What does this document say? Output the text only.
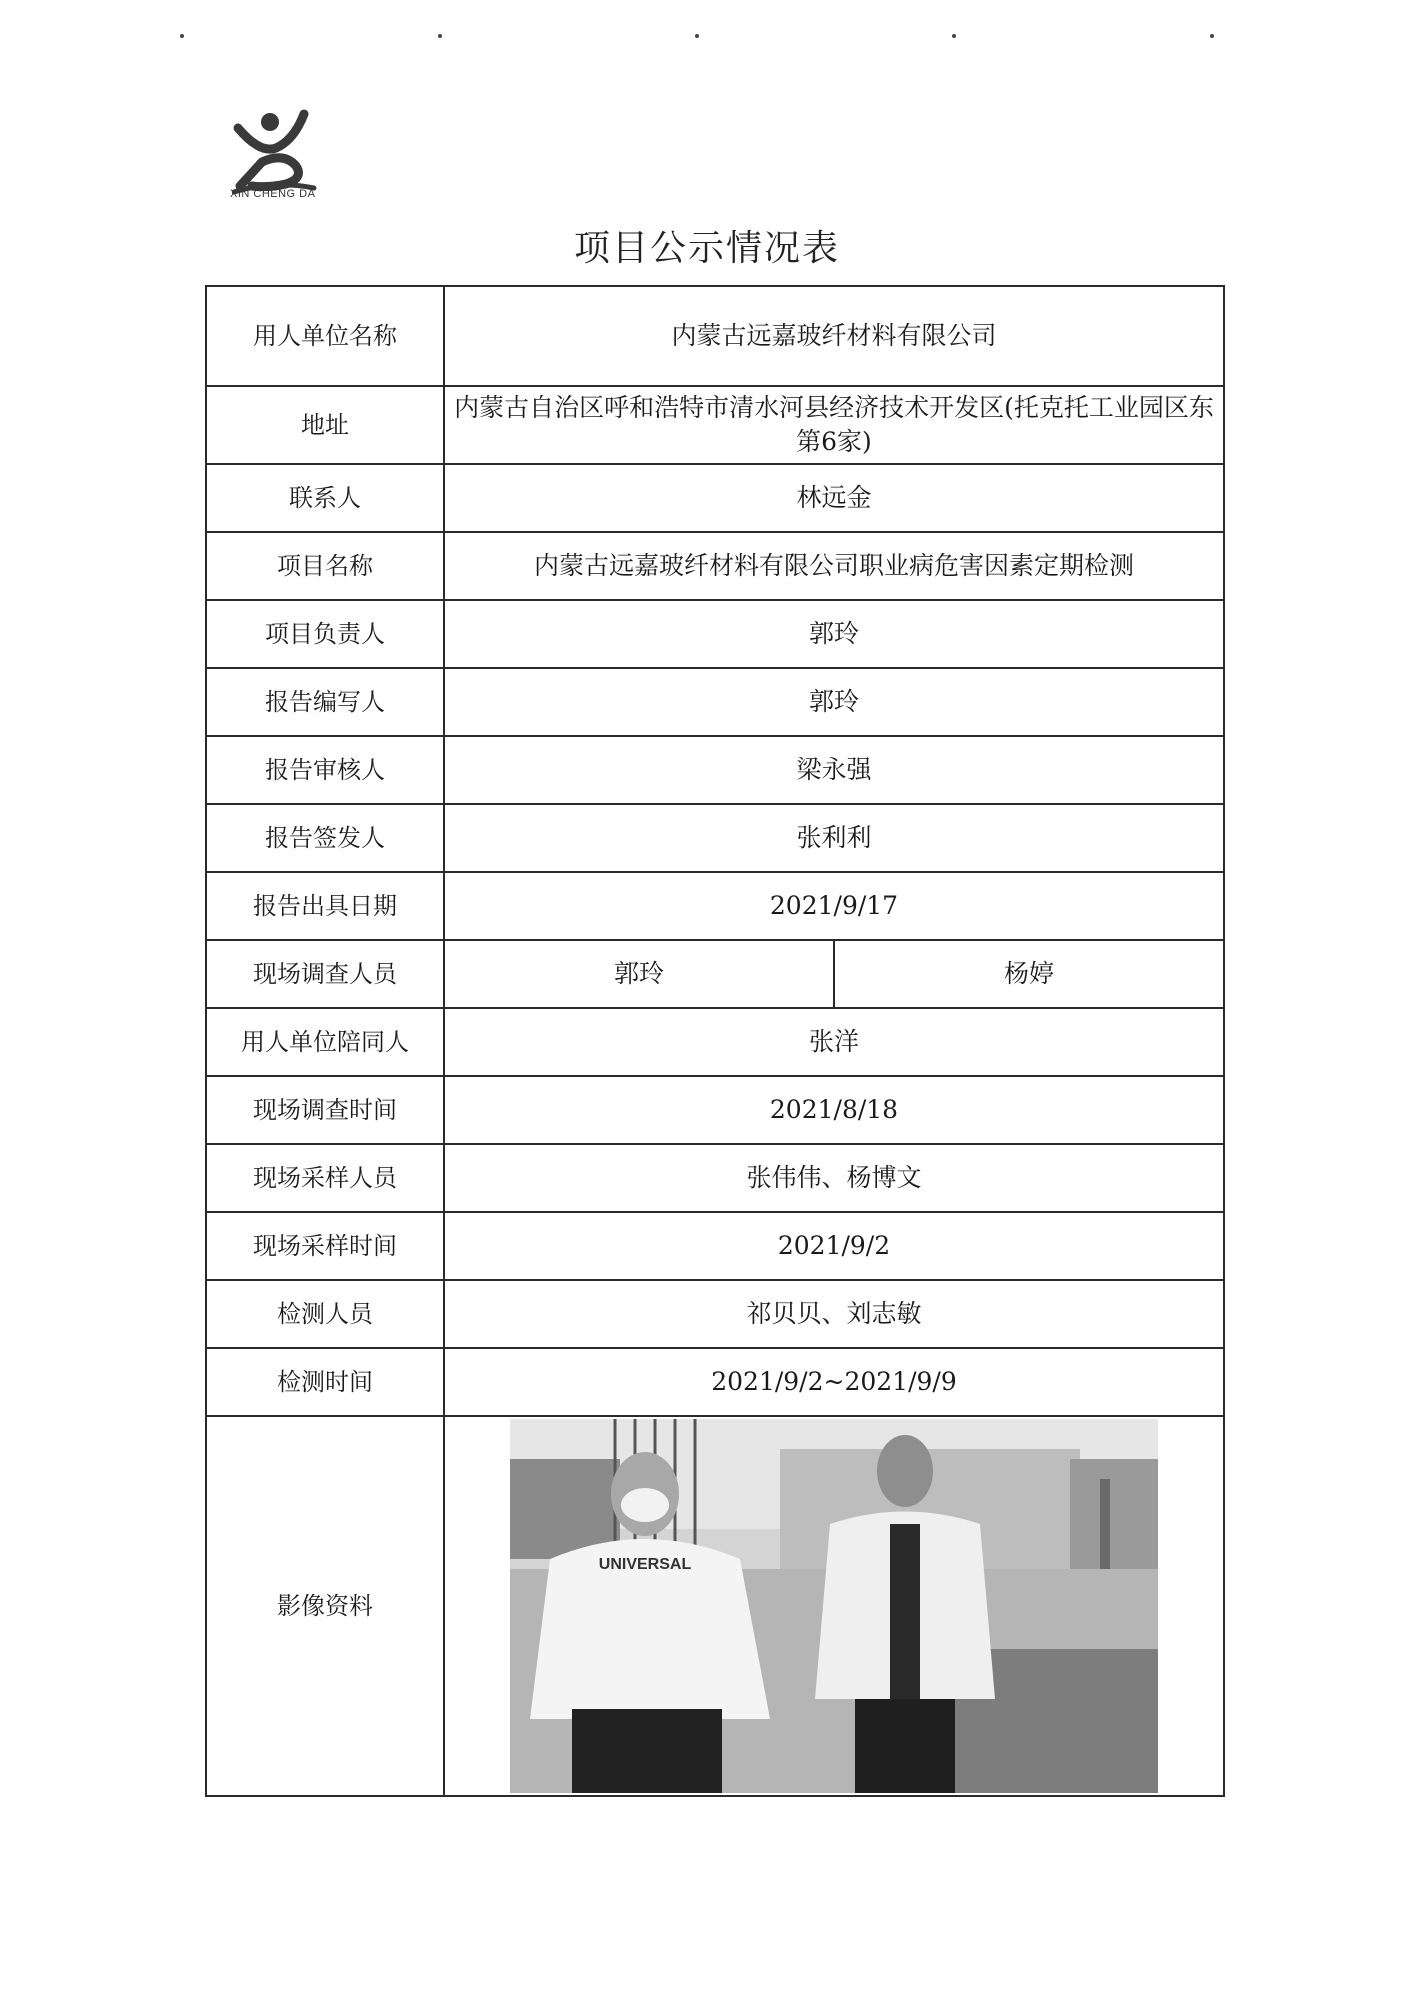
XIN CHENG DA
项目公示情况表
用人单位名称	内蒙古远嘉玻纤材料有限公司	
地址	内蒙古自治区呼和浩特市清水河县经济技术开发区(托克托工业园区东第6家)	
联系人	林远金	
项目名称	内蒙古远嘉玻纤材料有限公司职业病危害因素定期检测	
项目负责人	郭玲	
报告编写人	郭玲	
报告审核人	梁永强	
报告签发人	张利利	
报告出具日期	2021/9/17	
现场调查人员	郭玲	杨婷
用人单位陪同人	张洋	
现场调查时间	2021/8/18	
现场采样人员	张伟伟、杨博文	
现场采样时间	2021/9/2	
检测人员	祁贝贝、刘志敏	
检测时间	2021/9/2~2021/9/9	
影像资料	UNIVERSAL	
